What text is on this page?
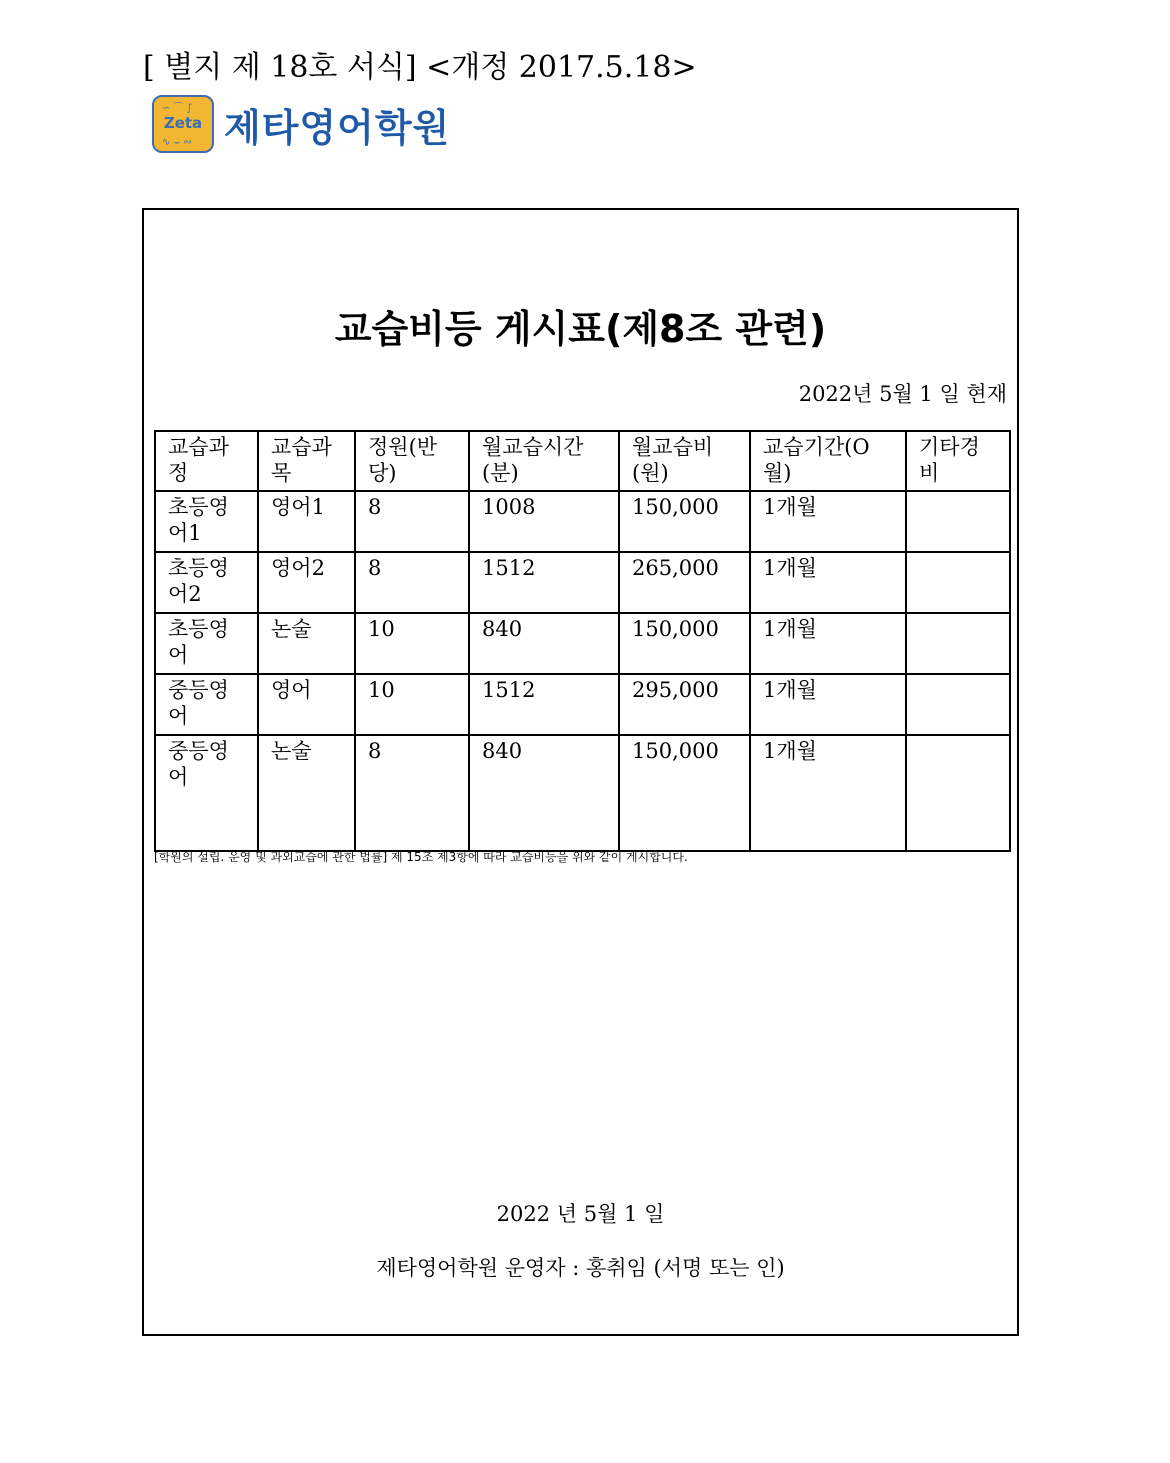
[ 별지 제 18호 서식] <개정 2017.5.18>
∽ ⌒ ∫
Zeta
∿ ⌣ ∾ 제타영어학원
교습비등 게시표(제8조 관련)
2022년 5월 1 일 현재
교습과정	교습과목	정원(반당)	월교습시간(분)	월교습비(원)	교습기간(O월)	기타경비
초등영어1	영어1	8	1008	150,000	1개월	
초등영어2	영어2	8	1512	265,000	1개월	
초등영어	논술	10	840	150,000	1개월	
중등영어	영어	10	1512	295,000	1개월	
중등영어	논술	8	840	150,000	1개월	
[학원의 설립. 운영 및 과외교습에 관한 법률] 제 15조 제3항에 따라 교습비등을 위와 같이 게시합니다.
2022 년 5월 1 일
제타영어학원 운영자 : 홍취임 (서명 또는 인)
